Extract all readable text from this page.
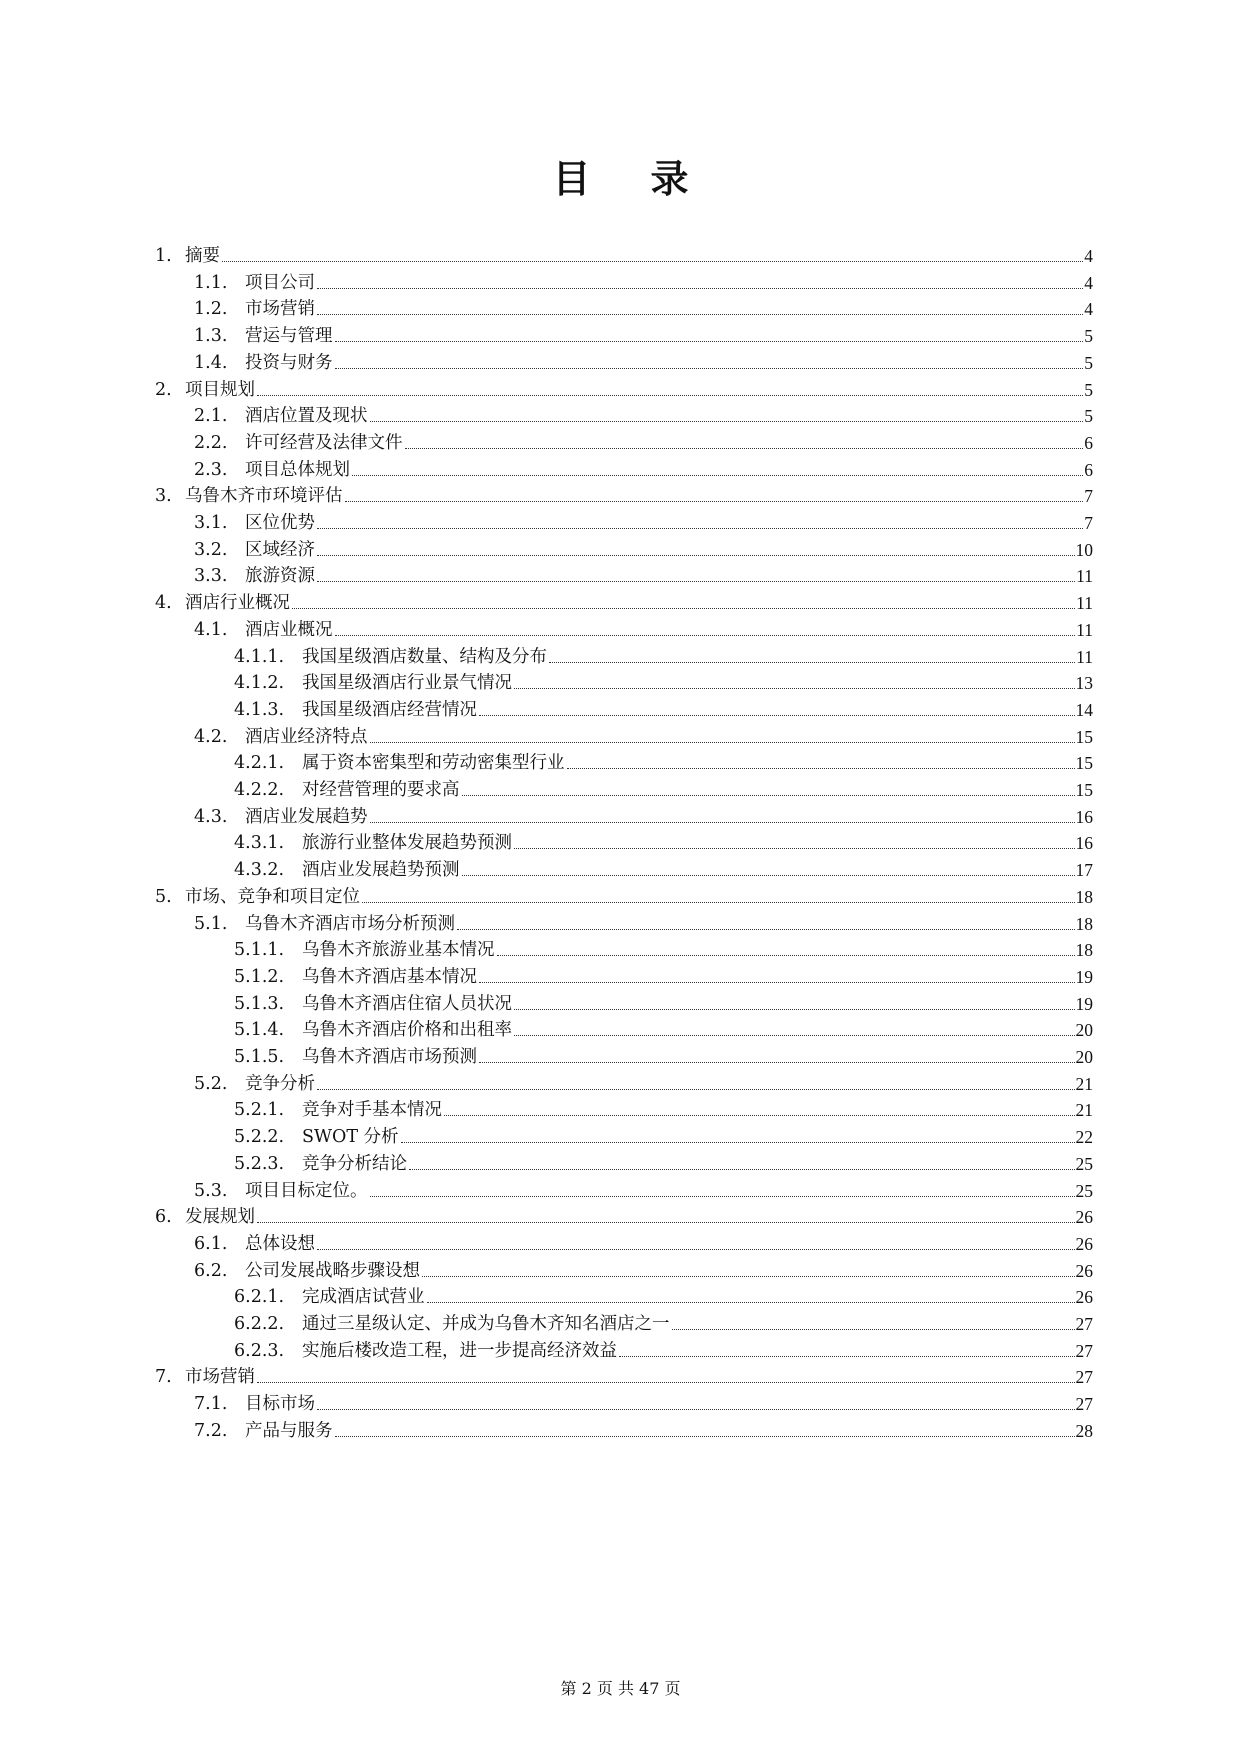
目 录
1. 摘要	4
1.1.	项目公司	4
1.2.	市场营销	4
1.3.	营运与管理	5
1.4.	投资与财务	5
2. 项目规划	5
2.1.	酒店位置及现状	5
2.2.	许可经营及法律文件	6
2.3.	项目总体规划	6
3. 乌鲁木齐市环境评估	7
3.1.	区位优势	7
3.2.	区域经济	10
3.3.	旅游资源	11
4. 酒店行业概况	11
4.1.	酒店业概况	11
4.1.1.	我国星级酒店数量、结构及分布	11
4.1.2.	我国星级酒店行业景气情况	13
4.1.3.	我国星级酒店经营情况	14
4.2.	酒店业经济特点	15
4.2.1.	属于资本密集型和劳动密集型行业	15
4.2.2.	对经营管理的要求高	15
4.3.	酒店业发展趋势	16
4.3.1.	旅游行业整体发展趋势预测	16
4.3.2.	酒店业发展趋势预测	17
5. 市场、竞争和项目定位	18
5.1.	乌鲁木齐酒店市场分析预测	18
5.1.1.	乌鲁木齐旅游业基本情况	18
5.1.2.	乌鲁木齐酒店基本情况	19
5.1.3.	乌鲁木齐酒店住宿人员状况	19
5.1.4.	乌鲁木齐酒店价格和出租率	20
5.1.5.	乌鲁木齐酒店市场预测	20
5.2.	竞争分析	21
5.2.1.	竞争对手基本情况	21
5.2.2.	SWOT 分析	22
5.2.3.	竞争分析结论	25
5.3.	项目目标定位。	25
6. 发展规划	26
6.1.	总体设想	26
6.2.	公司发展战略步骤设想	26
6.2.1.	完成酒店试营业	26
6.2.2.	通过三星级认定、并成为乌鲁木齐知名酒店之一	27
6.2.3.	实施后楼改造工程，进一步提高经济效益	27
7. 市场营销	27
7.1.	目标市场	27
7.2.	产品与服务	28
第 2 页 共 47 页
